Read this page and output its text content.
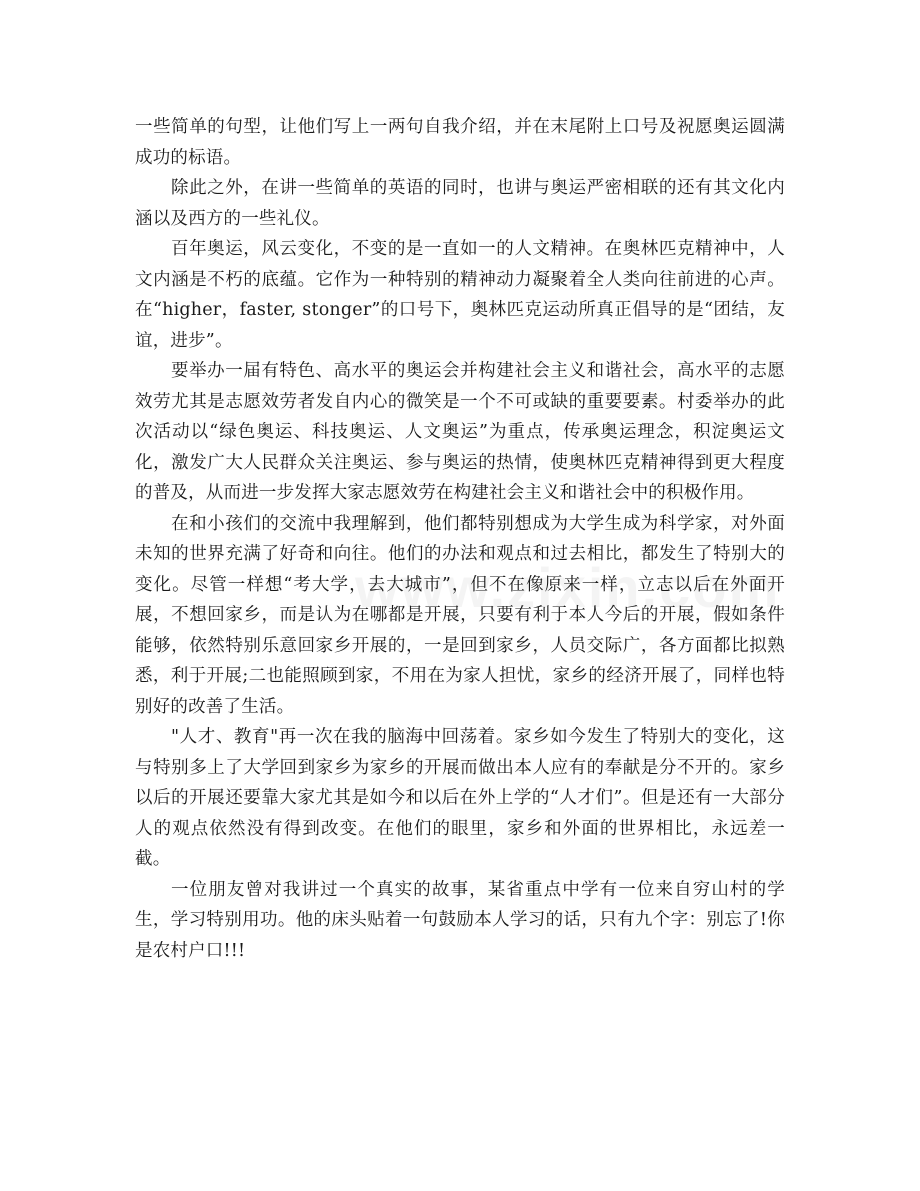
一些简单的句型，让他们写上一两句自我介绍，并在末尾附上口号及祝愿奥运圆满成功的标语。

除此之外，在讲一些简单的英语的同时，也讲与奥运严密相联的还有其文化内涵以及西方的一些礼仪。

百年奥运，风云变化，不变的是一直如一的人文精神。在奥林匹克精神中，人文内涵是不朽的底蕴。它作为一种特别的精神动力凝聚着全人类向往前进的心声。在“higher，faster, stonger”的口号下，奥林匹克运动所真正倡导的是“团结，友谊，进步”。

要举办一届有特色、高水平的奥运会并构建社会主义和谐社会，高水平的志愿效劳尤其是志愿效劳者发自内心的微笑是一个不可或缺的重要要素。村委举办的此次活动以“绿色奥运、科技奥运、人文奥运”为重点，传承奥运理念，积淀奥运文化，激发广大人民群众关注奥运、参与奥运的热情，使奥林匹克精神得到更大程度的普及，从而进一步发挥大家志愿效劳在构建社会主义和谐社会中的积极作用。

在和小孩们的交流中我理解到，他们都特别想成为大学生成为科学家，对外面未知的世界充满了好奇和向往。他们的办法和观点和过去相比，都发生了特别大的变化。尽管一样想“考大学，去大城市”，但不在像原来一样，立志以后在外面开展，不想回家乡，而是认为在哪都是开展，只要有利于本人今后的开展，假如条件能够，依然特别乐意回家乡开展的，一是回到家乡，人员交际广，各方面都比拟熟悉，利于开展;二也能照顾到家，不用在为家人担忧，家乡的经济开展了，同样也特别好的改善了生活。

"人才、教育"再一次在我的脑海中回荡着。家乡如今发生了特别大的变化，这与特别多上了大学回到家乡为家乡的开展而做出本人应有的奉献是分不开的。家乡以后的开展还要靠大家尤其是如今和以后在外上学的“人才们”。但是还有一大部分人的观点依然没有得到改变。在他们的眼里，家乡和外面的世界相比，永远差一截。

一位朋友曾对我讲过一个真实的故事，某省重点中学有一位来自穷山村的学生，学习特别用功。他的床头贴着一句鼓励本人学习的话，只有九个字：别忘了!你是农村户口!!!
